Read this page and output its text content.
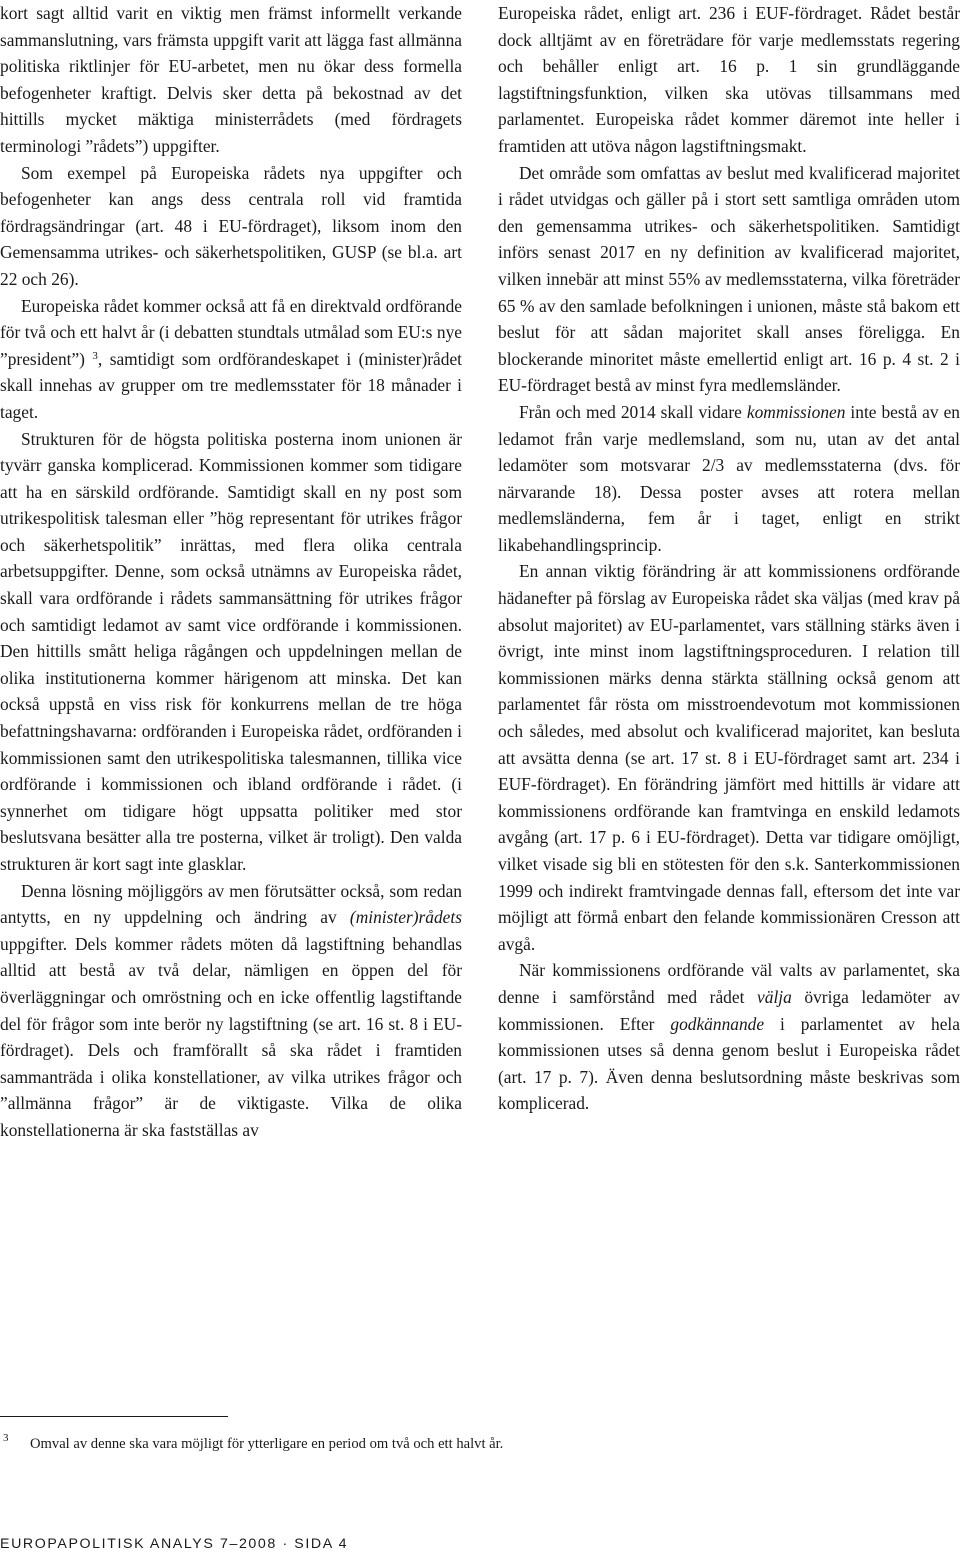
kort sagt alltid varit en viktig men främst informellt verkande sammanslutning, vars främsta uppgift varit att lägga fast allmänna politiska riktlinjer för EU-arbetet, men nu ökar dess formella befogenheter kraftigt. Delvis sker detta på bekostnad av det hittills mycket mäktiga ministerrådets (med fördragets terminologi ”rådets”) uppgifter.

Som exempel på Europeiska rådets nya uppgifter och befogenheter kan angs dess centrala roll vid framtida fördragsändringar (art. 48 i EU-fördraget), liksom inom den Gemensamma utrikes- och säkerhetspolitiken, GUSP (se bl.a. art 22 och 26).

Europeiska rådet kommer också att få en direktvald ordförande för två och ett halvt år (i debatten stundtals utmålad som EU:s nye ”president”) $^3$, samtidigt som ordförandeskapet i (minister)rådet skall innehas av grupper om tre medlemsstater för 18 månader i taget.

Strukturen för de högsta politiska posterna inom unionen är tyvärr ganska komplicerad. Kommissionen kommer som tidigare att ha en särskild ordförande. Samtidigt skall en ny post som utrikespolitisk talesman eller ”hög representant för utrikes frågor och säkerhetspolitik” inrättas, med flera olika centrala arbetsuppgifter. Denne, som också utnämns av Europeiska rådet, skall vara ordförande i rådets sammansättning för utrikes frågor och samtidigt ledamot av samt vice ordförande i kommissionen. Den hittills smått heliga rågången och uppdelningen mellan de olika institutionerna kommer härigenom att minska. Det kan också uppstå en viss risk för konkurrens mellan de tre höga befattningshavarna: ordföranden i Europeiska rådet, ordföranden i kommissionen samt den utrikespolitiska talesmannen, tillika vice ordförande i kommissionen och ibland ordförande i rådet. (i synnerhet om tidigare högt uppsatta politiker med stor beslutsvana besätter alla tre posterna, vilket är troligt). Den valda strukturen är kort sagt inte glasklar.

Denna lösning möjliggörs av men förutsätter också, som redan antytts, en ny uppdelning och ändring av (minister)rådets uppgifter. Dels kommer rådets möten då lagstiftning behandlas alltid att bestå av två delar, nämligen en öppen del för överläggningar och omröstning och en icke offentlig lagstiftande del för frågor som inte berör ny lagstiftning (se art. 16 st. 8 i EU-fördraget). Dels och framförallt så ska rådet i framtiden sammanträda i olika konstellationer, av vilka utrikes frågor och ”allmänna frågor” är de viktigaste. Vilka de olika konstellationerna är ska fastställas av

Europeiska rådet, enligt art. 236 i EUF-fördraget. Rådet består dock alltjämt av en företrädare för varje medlemsstats regering och behåller enligt art. 16 p. 1 sin grundläggande lagstiftningsfunktion, vilken ska utövas tillsammans med parlamentet. Europeiska rådet kommer däremot inte heller i framtiden att utöva någon lagstiftningsmakt.

Det område som omfattas av beslut med kvalificerad majoritet i rådet utvidgas och gäller på i stort sett samtliga områden utom den gemensamma utrikes- och säkerhetspolitiken. Samtidigt införs senast 2017 en ny definition av kvalificerad majoritet, vilken innebär att minst 55% av medlemsstaterna, vilka företräder 65 % av den samlade befolkningen i unionen, måste stå bakom ett beslut för att sådan majoritet skall anses föreligga. En blockerande minoritet måste emellertid enligt art. 16 p. 4 st. 2 i EU-fördraget bestå av minst fyra medlemsländer.

Från och med 2014 skall vidare kommissionen inte bestå av en ledamot från varje medlemsland, som nu, utan av det antal ledamöter som motsvarar 2/3 av medlemsstaterna (dvs. för närvarande 18). Dessa poster avses att rotera mellan medlemsländerna, fem år i taget, enligt en strikt likabehandlingsprincip.

En annan viktig förändring är att kommissionens ordförande hädanefter på förslag av Europeiska rådet ska väljas (med krav på absolut majoritet) av EU-parlamentet, vars ställning stärks även i övrigt, inte minst inom lagstiftningsproceduren. I relation till kommissionen märks denna stärkta ställning också genom att parlamentet får rösta om misstroendevotum mot kommissionen och således, med absolut och kvalificerad majoritet, kan besluta att avsätta denna (se art. 17 st. 8 i EU-fördraget samt art. 234 i EUF-fördraget). En förändring jämfört med hittills är vidare att kommissionens ordförande kan framtvinga en enskild ledamots avgång (art. 17 p. 6 i EU-fördraget). Detta var tidigare omöjligt, vilket visade sig bli en stötesten för den s.k. Santerkommissionen 1999 och indirekt framtvingade dennas fall, eftersom det inte var möjligt att förmå enbart den felande kommissionären Cresson att avgå.

När kommissionens ordförande väl valts av parlamentet, ska denne i samförstånd med rådet välja övriga ledamöter av kommissionen. Efter godkännande i parlamentet av hela kommissionen utses så denna genom beslut i Europeiska rådet (art. 17 p. 7). Även denna beslutsordning måste beskrivas som komplicerad.

3 Omval av denne ska vara möjligt för ytterligare en period om två och ett halvt år.
EUROPAPOLITISK ANALYS 7–2008 · SIDA 4
